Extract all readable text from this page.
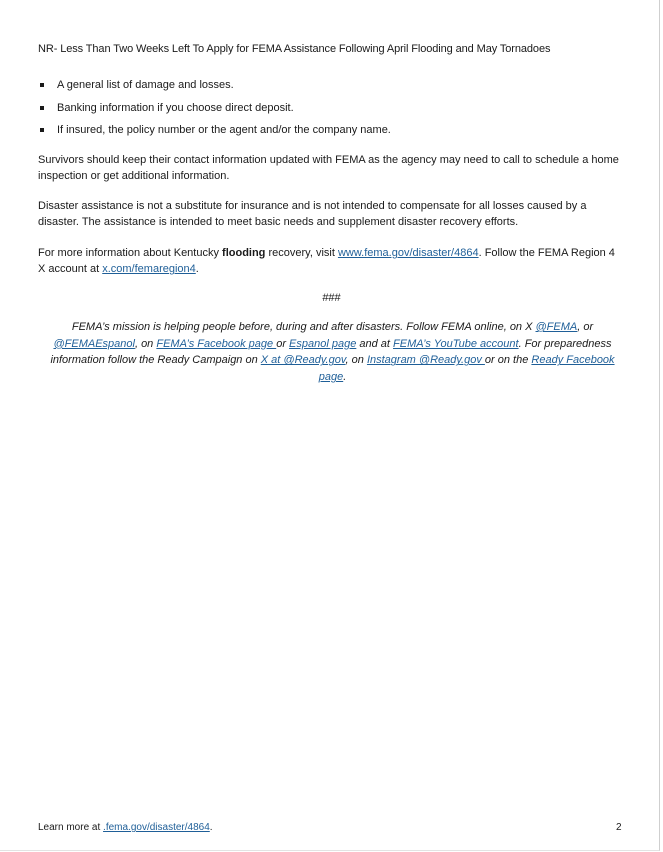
NR- Less Than Two Weeks Left To Apply for FEMA Assistance Following April Flooding and May Tornadoes
A general list of damage and losses.
Banking information if you choose direct deposit.
If insured, the policy number or the agent and/or the company name.

Survivors should keep their contact information updated with FEMA as the agency may need to call to schedule a home inspection or get additional information.

Disaster assistance is not a substitute for insurance and is not intended to compensate for all losses caused by a disaster. The assistance is intended to meet basic needs and supplement disaster recovery efforts.

For more information about Kentucky flooding recovery, visit www.fema.gov/disaster/4864. Follow the FEMA Region 4 X account at x.com/femaregion4.

###

FEMA’s mission is helping people before, during and after disasters. Follow FEMA online, on X @FEMA, or @FEMAEspanol, on FEMA’s Facebook page or Espanol page and at FEMA’s YouTube account. For preparedness information follow the Ready Campaign on X at @Ready.gov, on Instagram @Ready.gov or on the Ready Facebook page.

Learn more at .fema.gov/disaster/4864.	2
